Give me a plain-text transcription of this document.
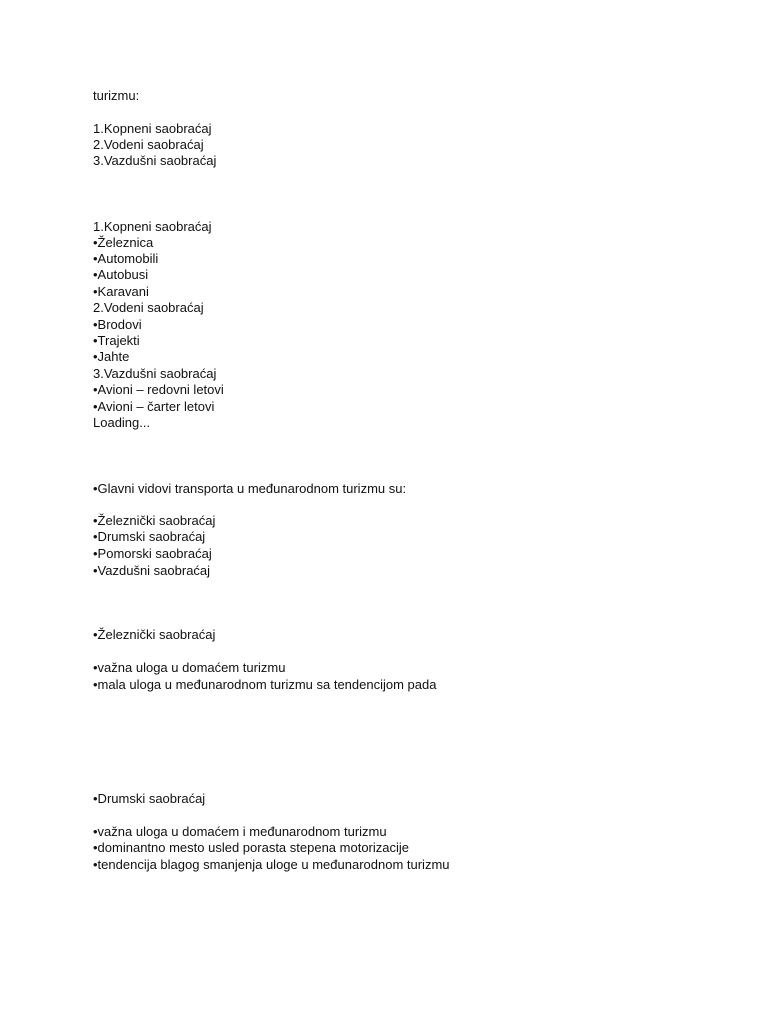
turizmu:
1.Kopneni saobraćaj
2.Vodeni saobraćaj
3.Vazdušni saobraćaj
1.Kopneni saobraćaj
•Železnica
•Automobili
•Autobusi
•Karavani
2.Vodeni saobraćaj
•Brodovi
•Trajekti
•Jahte
3.Vazdušni saobraćaj
•Avioni – redovni letovi
•Avioni – čarter letovi
Loading...
•Glavni vidovi transporta u međunarodnom turizmu su:
•Železnički saobraćaj
•Drumski saobraćaj
•Pomorski saobraćaj
•Vazdušni saobraćaj
•Železnički saobraćaj
•važna uloga u domaćem turizmu
•mala uloga u međunarodnom turizmu sa tendencijom pada
•Drumski saobraćaj
•važna uloga u domaćem i međunarodnom turizmu
•dominantno mesto usled porasta stepena motorizacije
•tendencija blagog smanjenja uloge u međunarodnom turizmu
